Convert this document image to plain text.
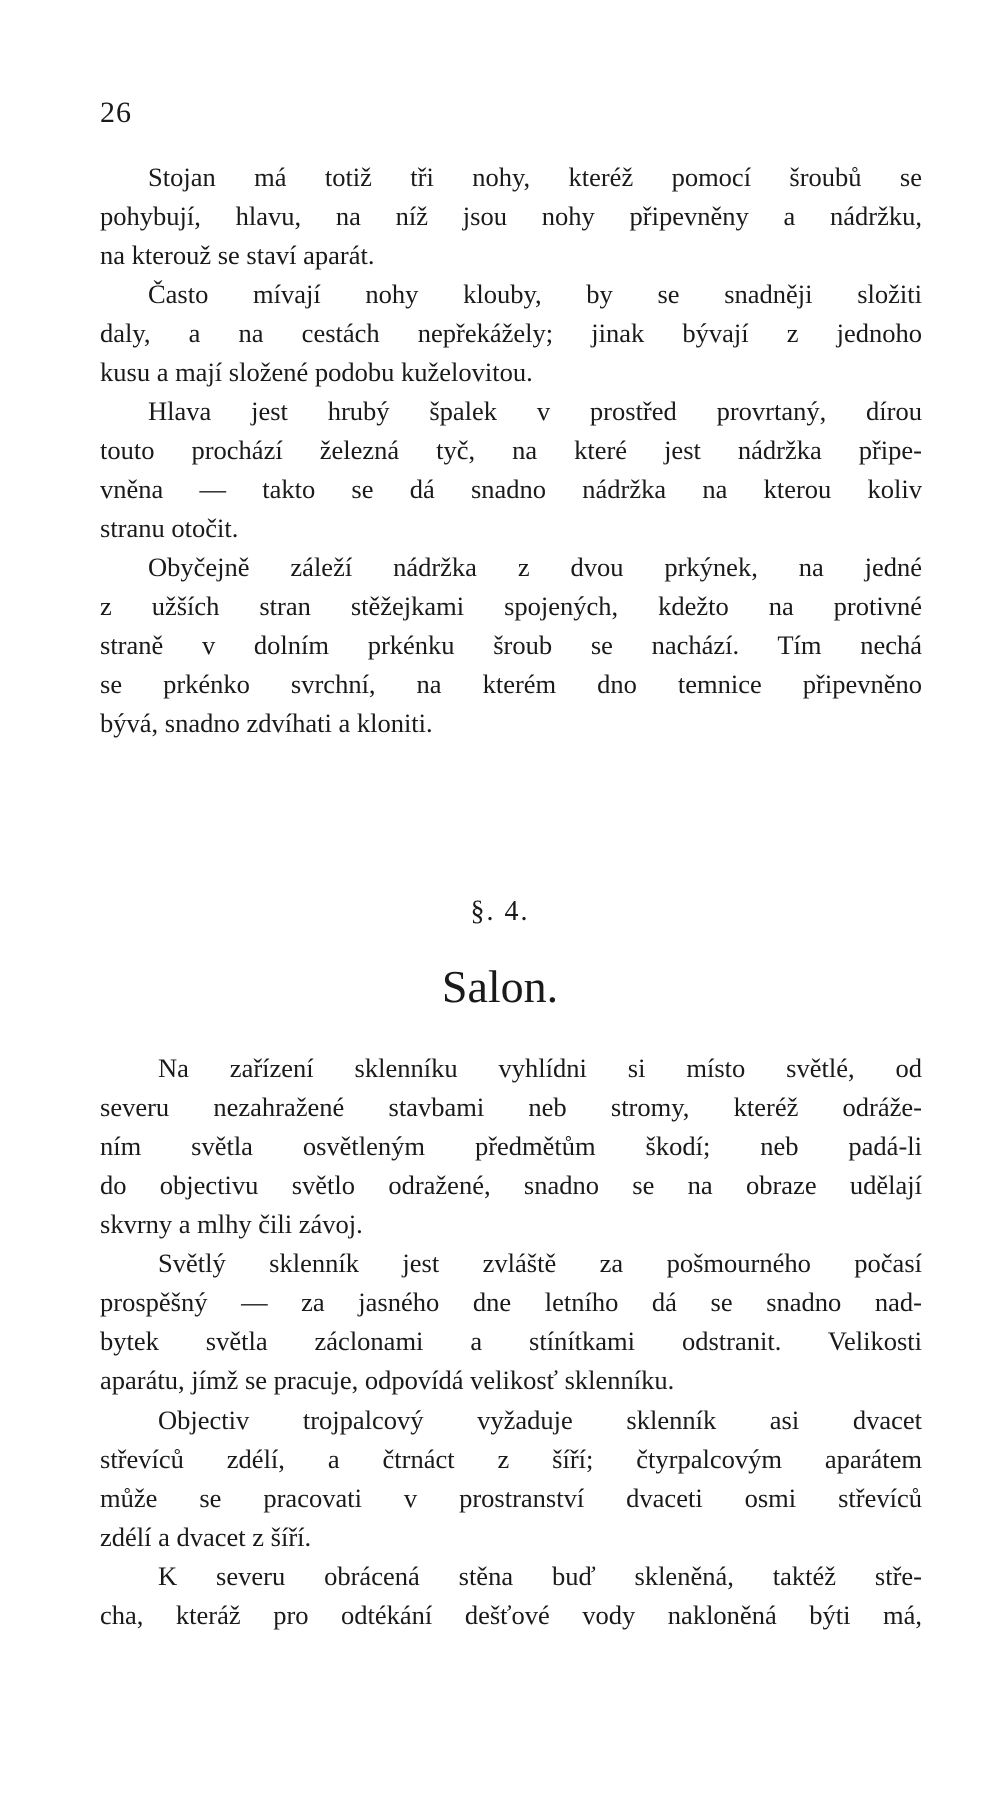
26
Stojan má totiž tři nohy, kteréž pomocí šroubů se
pohybují, hlavu, na níž jsou nohy připevněny a nádržku,
na kterouž se staví aparát.
Často mívají nohy klouby, by se snadněji složiti
daly, a na cestách nepřekážely; jinak bývají z jednoho
kusu a mají složené podobu kuželovitou.
Hlava jest hrubý špalek v prostřed provrtaný, dírou
touto prochází železná tyč, na které jest nádržka připe-
vněna — takto se dá snadno nádržka na kterou koliv
stranu otočit.
Obyčejně záleží nádržka z dvou prkýnek, na jedné
z užších stran stěžejkami spojených, kdežto na protivné
straně v dolním prkénku šroub se nachází. Tím nechá
se prkénko svrchní, na kterém dno temnice připevněno
bývá, snadno zdvíhati a kloniti.
§. 4.
Salon.
Na zařízení sklenníku vyhlídni si místo světlé, od
severu nezahražené stavbami neb stromy, kteréž odráže-
ním světla osvětleným předmětům škodí; neb padá-li
do objectivu světlo odražené, snadno se na obraze udělají
skvrny a mlhy čili závoj.
Světlý sklenník jest zvláště za pošmourného počasí
prospěšný — za jasného dne letního dá se snadno nad-
bytek světla záclonami a stínítkami odstranit. Velikosti
aparátu, jímž se pracuje, odpovídá velikosť sklenníku.
Objectiv trojpalcový vyžaduje sklenník asi dvacet
střevíců zdélí, a čtrnáct z šíří; čtyrpalcovým aparátem
může se pracovati v prostranství dvaceti osmi střevíců
zdélí a dvacet z šíří.
K severu obrácená stěna buď skleněná, taktéž stře-
cha, kteráž pro odtékání dešťové vody nakloněná býti má,
